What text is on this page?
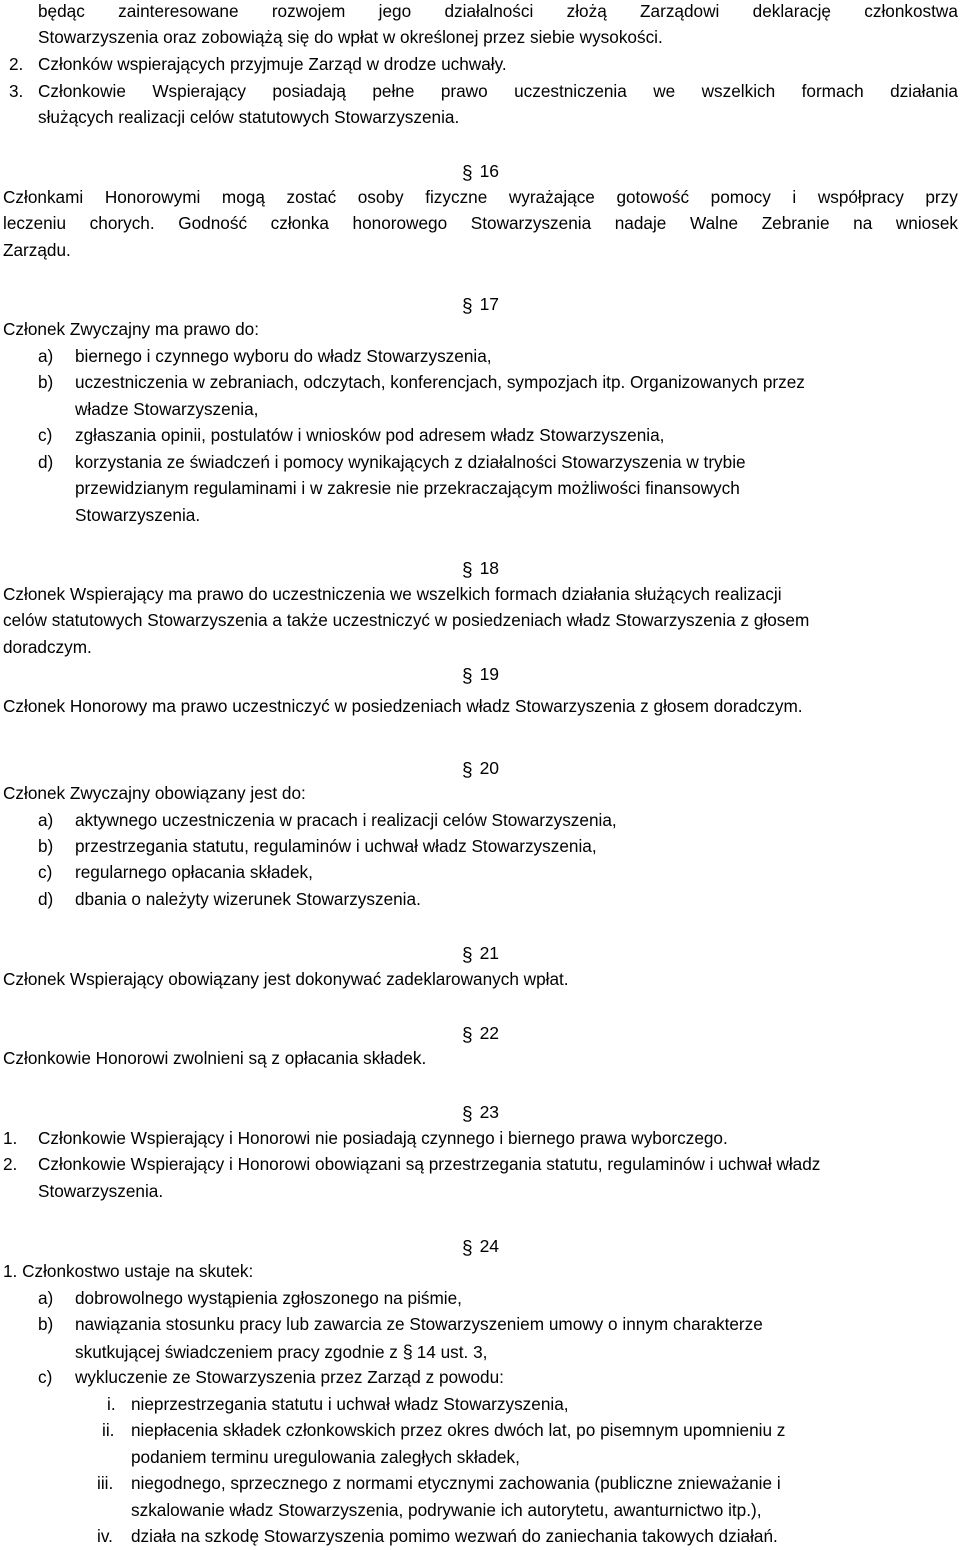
będąc zainteresowane rozwojem jego działalności złożą Zarządowi deklarację członkostwa
Stowarzyszenia oraz zobowiążą się do wpłat w określonej przez siebie wysokości.
2. Członków wspierających przyjmuje Zarząd w drodze uchwały.
3. Członkowie Wspierający posiadają pełne prawo uczestniczenia we wszelkich formach działania
służących realizacji celów statutowych Stowarzyszenia.
§ 16
Członkami Honorowymi mogą zostać osoby fizyczne wyrażające gotowość pomocy i współpracy przy
leczeniu chorych. Godność członka honorowego Stowarzyszenia nadaje Walne Zebranie na wniosek
Zarządu.
§ 17
Członek Zwyczajny ma prawo do:
a) biernego i czynnego wyboru do władz Stowarzyszenia,
b) uczestniczenia w zebraniach, odczytach, konferencjach, sympozjach itp. Organizowanych przez
władze Stowarzyszenia,
c) zgłaszania opinii, postulatów i wniosków pod adresem władz Stowarzyszenia,
d) korzystania ze świadczeń i pomocy wynikających z działalności Stowarzyszenia w trybie
przewidzianym regulaminami i w zakresie nie przekraczającym możliwości finansowych
Stowarzyszenia.
§ 18
Członek Wspierający ma prawo do uczestniczenia we wszelkich formach działania służących realizacji
celów statutowych Stowarzyszenia a także uczestniczyć w posiedzeniach władz Stowarzyszenia z głosem
doradczym.
§ 19
Członek Honorowy ma prawo uczestniczyć w posiedzeniach władz Stowarzyszenia z głosem doradczym.
§ 20
Członek Zwyczajny obowiązany jest do:
a) aktywnego uczestniczenia w pracach i realizacji celów Stowarzyszenia,
b) przestrzegania statutu, regulaminów i uchwał władz Stowarzyszenia,
c) regularnego opłacania składek,
d) dbania o należyty wizerunek Stowarzyszenia.
§ 21
Członek Wspierający obowiązany jest dokonywać zadeklarowanych wpłat.
§ 22
Członkowie Honorowi zwolnieni są z opłacania składek.
§ 23
1. Członkowie Wspierający i Honorowi nie posiadają czynnego i biernego prawa wyborczego.
2. Członkowie Wspierający i Honorowi obowiązani są przestrzegania statutu, regulaminów i uchwał władz
Stowarzyszenia.
§ 24
1. Członkostwo ustaje na skutek:
a) dobrowolnego wystąpienia zgłoszonego na piśmie,
b) nawiązania stosunku pracy lub zawarcia ze Stowarzyszeniem umowy o innym charakterze
skutkującej świadczeniem pracy zgodnie z § 14 ust. 3,
c) wykluczenie ze Stowarzyszenia przez Zarząd z powodu:
i. nieprzestrzegania statutu i uchwał władz Stowarzyszenia,
ii. niepłacenia składek członkowskich przez okres dwóch lat, po pisemnym upomnieniu z
podaniem terminu uregulowania zaległych składek,
iii. niegodnego, sprzecznego z normami etycznymi zachowania (publiczne znieważanie i
szkalowanie władz Stowarzyszenia, podrywanie ich autorytetu, awanturnictwo itp.),
iv. działa na szkodę Stowarzyszenia pomimo wezwań do zaniechania takowych działań.
